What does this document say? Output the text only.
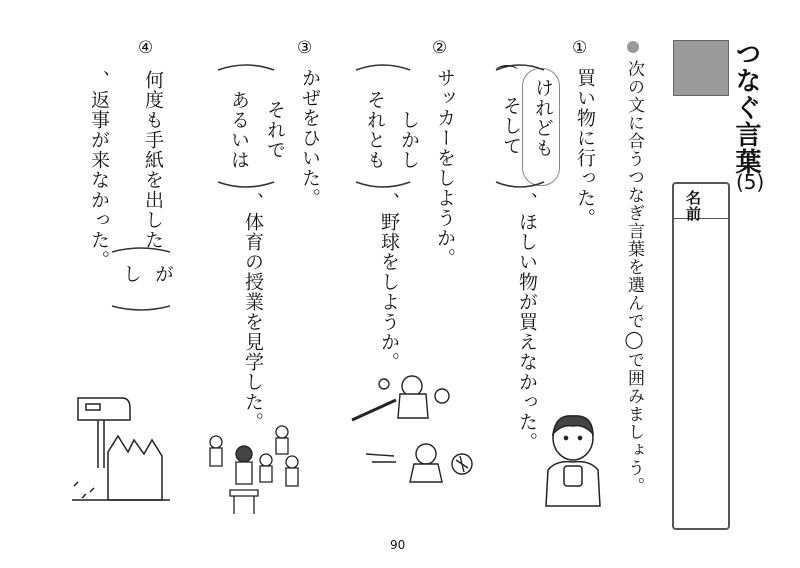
つなぐ言葉
(5)
名前
次の文に合うつなぎ言葉を選んで◯で囲みましょう。
①
買い物に行った。
⌒
けれども
そして
、ほしい物が買えなかった。
②
サッカーをしようか。
しかし
それとも
、野球をしようか。
③
かぜをひいた。
それで
あるいは
、体育の授業を見学した。
④
何度も手紙を出した
が
し
、返事が来なかった。
90
